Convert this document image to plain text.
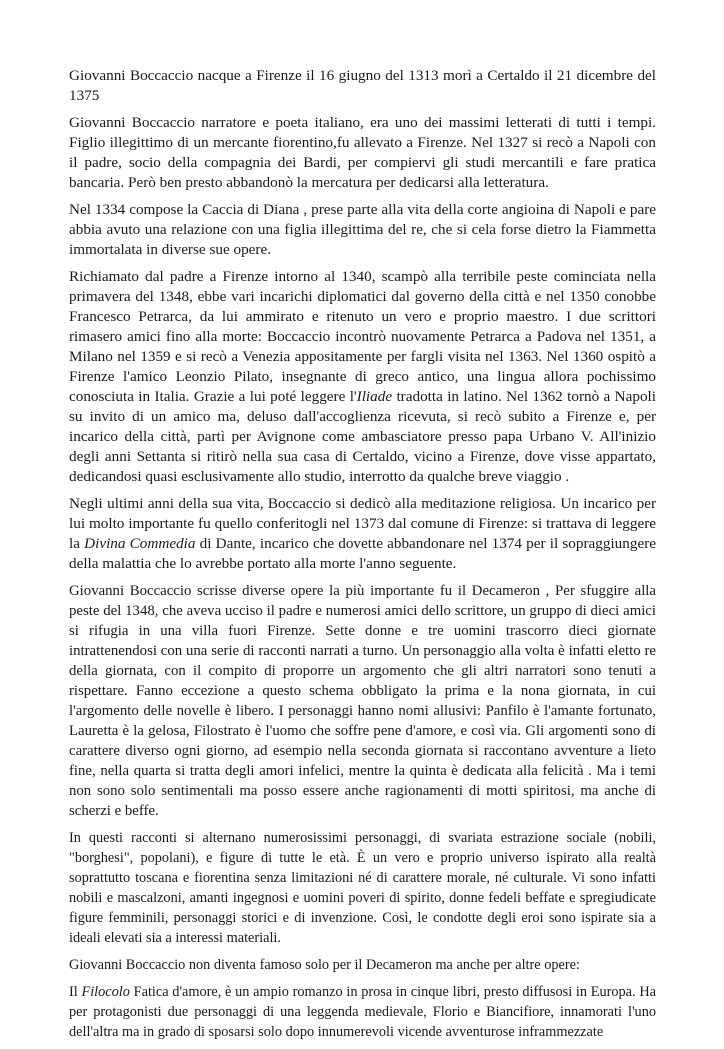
Giovanni Boccaccio nacque a Firenze il 16 giugno del 1313 morì a Certaldo il 21 dicembre del 1375

Giovanni Boccaccio narratore e poeta italiano, era uno dei massimi letterati di tutti i tempi. Figlio illegittimo di un mercante fiorentino,fu allevato a Firenze. Nel 1327 si recò a Napoli con il padre, socio della compagnia dei Bardi, per compiervi gli studi mercantili e fare pratica bancaria. Però ben presto abbandonò la mercatura per dedicarsi alla letteratura.

Nel 1334 compose la Caccia di Diana , prese parte alla vita della corte angioina di Napoli e pare abbia avuto una relazione con una figlia illegittima del re, che si cela forse dietro la Fiammetta immortalata in diverse sue opere.

Richiamato dal padre a Firenze intorno al 1340, scampò alla terribile peste cominciata nella primavera del 1348, ebbe vari incarichi diplomatici dal governo della città e nel 1350 conobbe Francesco Petrarca, da lui ammirato e ritenuto un vero e proprio maestro. I due scrittori rimasero amici fino alla morte: Boccaccio incontrò nuovamente Petrarca a Padova nel 1351, a Milano nel 1359 e si recò a Venezia appositamente per fargli visita nel 1363. Nel 1360 ospitò a Firenze l'amico Leonzio Pilato, insegnante di greco antico, una lingua allora pochissimo conosciuta in Italia. Grazie a lui poté leggere l'Iliade tradotta in latino. Nel 1362 tornò a Napoli su invito di un amico ma, deluso dall'accoglienza ricevuta, si recò subito a Firenze e, per incarico della città, partì per Avignone come ambasciatore presso papa Urbano V. All'inizio degli anni Settanta si ritirò nella sua casa di Certaldo, vicino a Firenze, dove visse appartato, dedicandosi quasi esclusivamente allo studio, interrotto da qualche breve viaggio .

Negli ultimi anni della sua vita, Boccaccio si dedicò alla meditazione religiosa. Un incarico per lui molto importante fu quello conferitogli nel 1373 dal comune di Firenze: si trattava di leggere la Divina Commedia di Dante, incarico che dovette abbandonare nel 1374 per il sopraggiungere della malattia che lo avrebbe portato alla morte l'anno seguente.

Giovanni Boccaccio scrisse diverse opere la più importante fu il Decameron , Per sfuggire alla peste del 1348, che aveva ucciso il padre e numerosi amici dello scrittore, un gruppo di dieci amici si rifugia in una villa fuori Firenze. Sette donne e tre uomini trascorro dieci giornate intrattenendosi con una serie di racconti narrati a turno. Un personaggio alla volta è infatti eletto re della giornata, con il compito di proporre un argomento che gli altri narratori sono tenuti a rispettare. Fanno eccezione a questo schema obbligato la prima e la nona giornata, in cui l'argomento delle novelle è libero. I personaggi hanno nomi allusivi: Panfilo è l'amante fortunato, Lauretta è la gelosa, Filostrato è l'uomo che soffre pene d'amore, e così via. Gli argomenti sono di carattere diverso ogni giorno, ad esempio nella seconda giornata si raccontano avventure a lieto fine, nella quarta si tratta degli amori infelici, mentre la quinta è dedicata alla felicità . Ma i temi non sono solo sentimentali ma posso essere anche ragionamenti di motti spiritosi, ma anche di scherzi e beffe.

In questi racconti si alternano numerosissimi personaggi, di svariata estrazione sociale (nobili, "borghesi", popolani), e figure di tutte le età. È un vero e proprio universo ispirato alla realtà soprattutto toscana e fiorentina senza limitazioni né di carattere morale, né culturale. Vi sono infatti nobili e mascalzoni, amanti ingegnosi e uomini poveri di spirito, donne fedeli beffate e spregiudicate figure femminili, personaggi storici e di invenzione. Così, le condotte degli eroi sono ispirate sia a ideali elevati sia a interessi materiali.

Giovanni Boccaccio non diventa famoso solo per il Decameron ma anche per altre opere:

Il Filocolo Fatica d'amore, è un ampio romanzo in prosa in cinque libri, presto diffusosi in Europa. Ha per protagonisti due personaggi di una leggenda medievale, Florio e Biancifiore, innamorati l'uno dell'altra ma in grado di sposarsi solo dopo innumerevoli vicende avventurose inframmezzate
